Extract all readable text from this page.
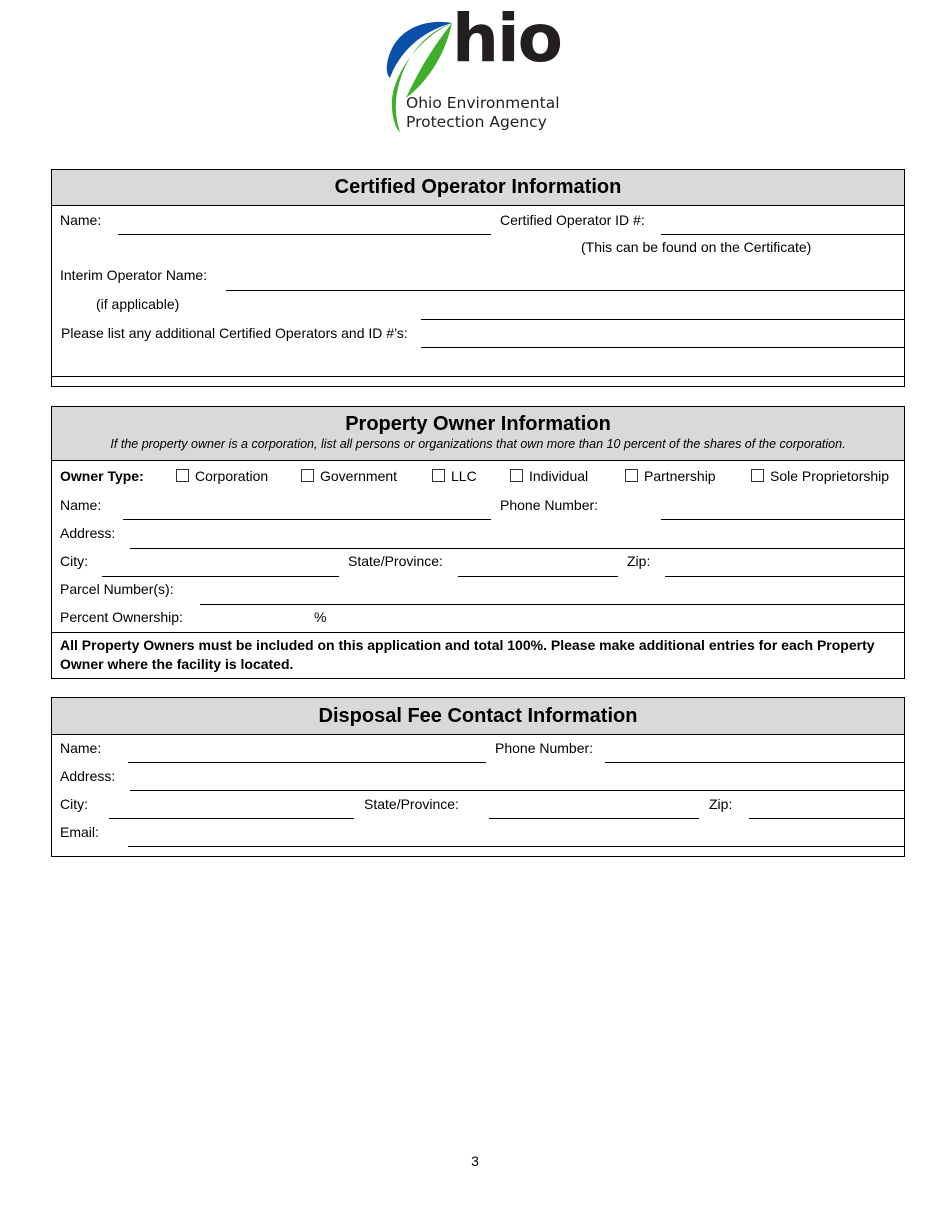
hio
Ohio Environmental
Protection Agency
Certified Operator Information
Name:	Certified Operator ID #:
(This can be found on the Certificate)
Interim Operator Name:
(if applicable)
Please list any additional Certified Operators and ID #’s:
Property Owner Information
If the property owner is a corporation, list all persons or organizations that own more than 10 percent of the shares of the corporation.
Owner Type:	Corporation	Government	LLC	Individual	Partnership	Sole Proprietorship
Name:	Phone Number:
Address:
City:	State/Province:	Zip:
Parcel Number(s):
Percent Ownership:	%
All Property Owners must be included on this application and total 100%. Please make additional entries for each Property Owner where the facility is located.
Disposal Fee Contact Information
Name:	Phone Number:
Address:
City:	State/Province:	Zip:
Email:
3
